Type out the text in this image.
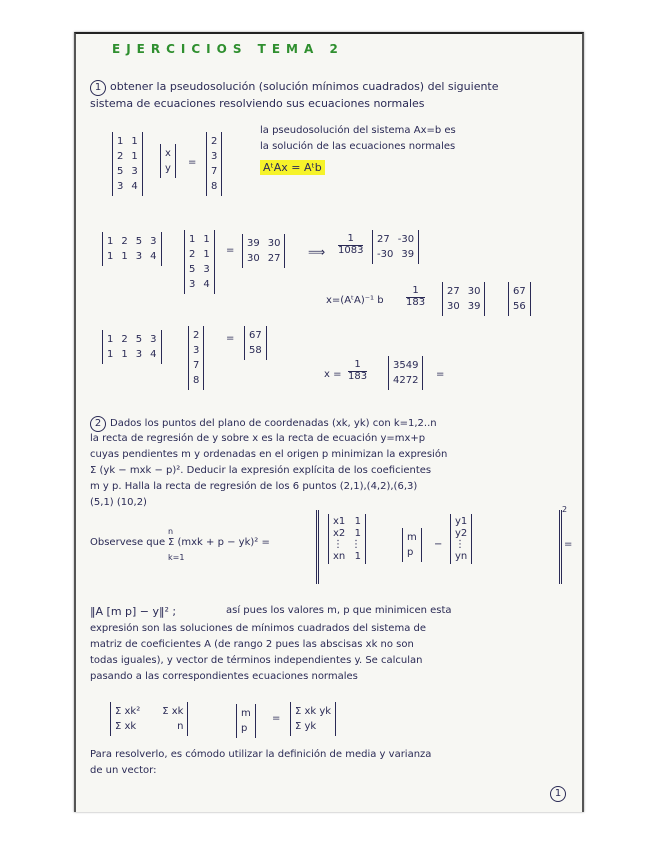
EJERCICIOS TEMA 2
1 obtener la pseudosolución (solución mínimos cuadrados) del siguiente
sistema de ecuaciones resolviendo sus ecuaciones normales
1 1
2 1
5 3
3 4
x
y
=
2
3
7
8
la pseudosolución del sistema Ax=b es
la solución de las ecuaciones normales
AᵗAx = Aᵗb
1 2 5 3
1 1 3 4
1 1
2 1
5 3
3 4
=
39 30
30 27 ⟹
1
1083
27 -30
-30 39
x=(AᵗA)⁻¹ b
1
183
27 30
30 39
67
56
1 2 5 3
1 1 3 4
2
3
7
8
= 67
58
x =
1
183
3549
4272
=
2 Dados los puntos del plano de coordenadas (xk, yk) con k=1,2..n
la recta de regresión de y sobre x es la recta de ecuación y=mx+p
cuyas pendientes m y ordenadas en el origen p minimizan la expresión
Σ (yk − mxk − p)². Deducir la expresión explícita de los coeficientes
m y p. Halla la recta de regresión de los 6 puntos (2,1),(4,2),(6,3)
(5,1) (10,2)
Observese que
n
k=1
Σ (mxk + p − yk)² =
x1 1
x2 1
⋮ ⋮
xn 1
m
p
−
y1
y2
⋮
yn
2
=
‖A [m p] − y‖² ;	así pues los valores m, p que minimicen esta
expresión son las soluciones de mínimos cuadrados del sistema de
matriz de coeficientes A (de rango 2 pues las abscisas xk no son
todas iguales), y vector de términos independientes y. Se calculan
pasando a las correspondientes ecuaciones normales
Σ xk² Σ xk
Σ xk	n
m
p
=
Σ xk yk
Σ yk
Para resolverlo, es cómodo utilizar la definición de media y varianza
de un vector:
1
